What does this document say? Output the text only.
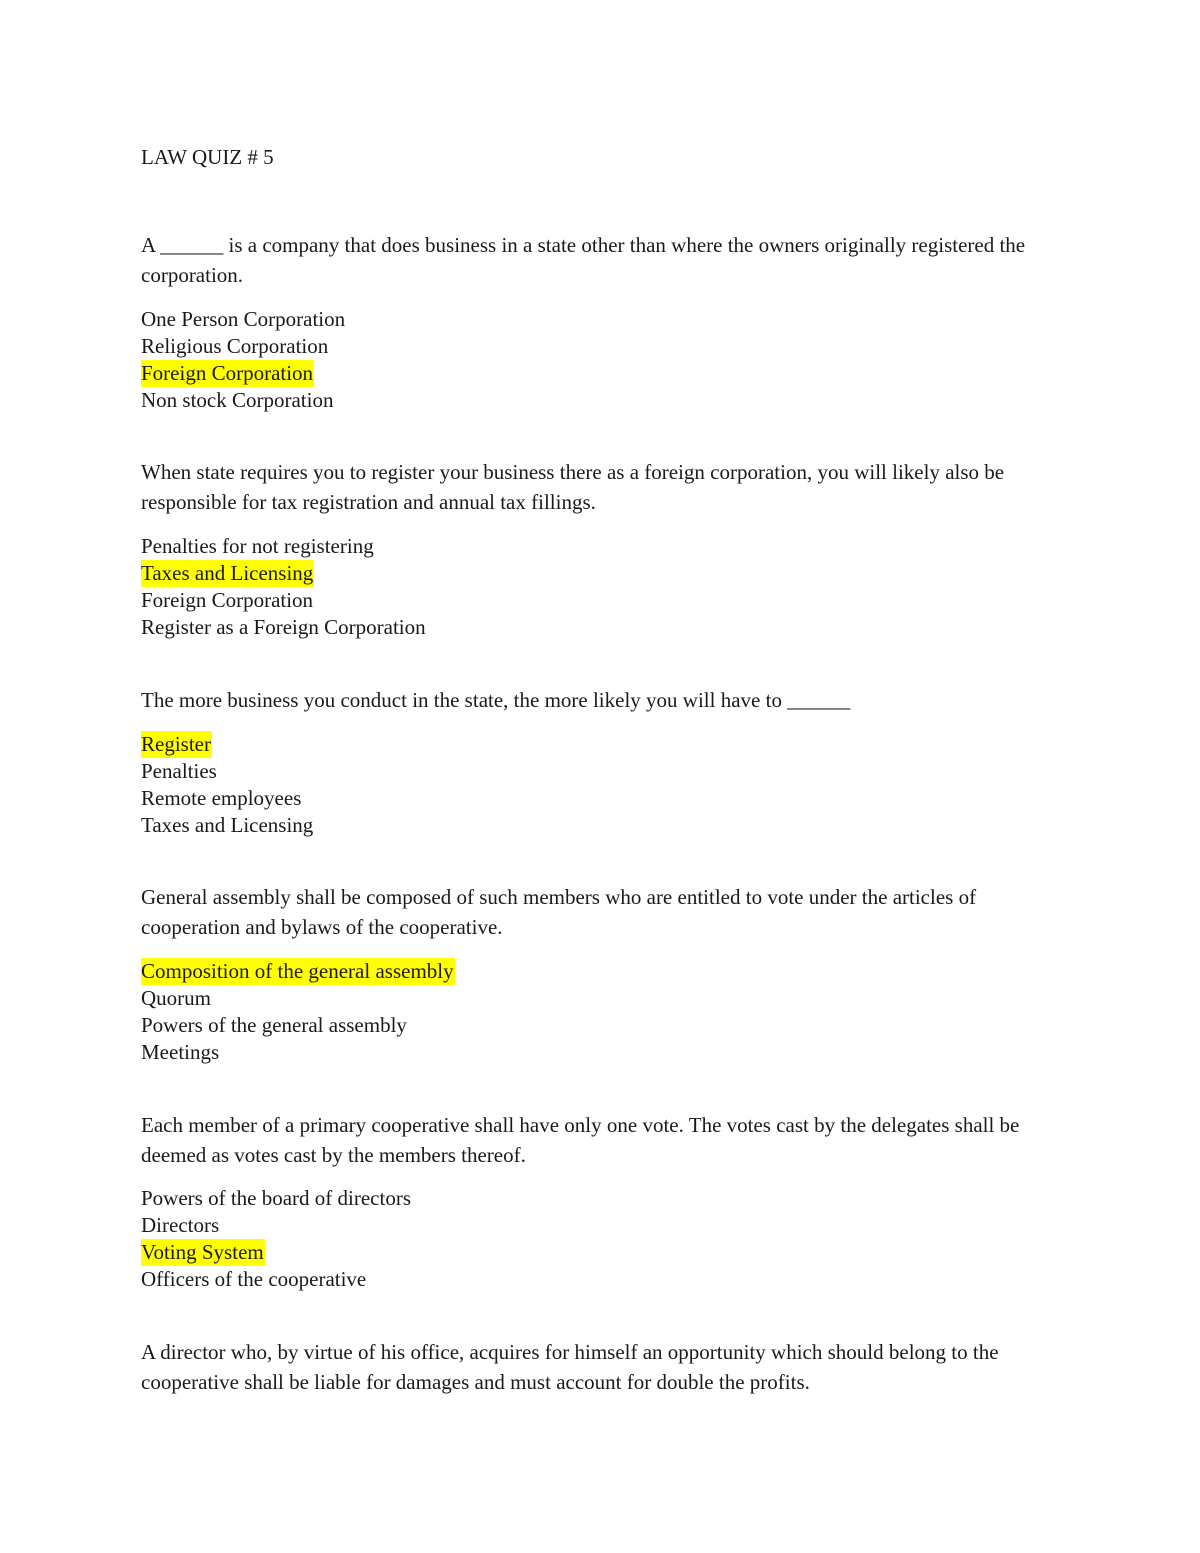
LAW QUIZ # 5
A ______ is a company that does business in a state other than where the owners originally registered the corporation.
One Person Corporation
Religious Corporation
Foreign Corporation
Non stock Corporation
When state requires you to register your business there as a foreign corporation, you will likely also be responsible for tax registration and annual tax fillings.
Penalties for not registering
Taxes and Licensing
Foreign Corporation
Register as a Foreign Corporation
The more business you conduct in the state, the more likely you will have to ______
Register
Penalties
Remote employees
Taxes and Licensing
General assembly shall be composed of such members who are entitled to vote under the articles of cooperation and bylaws of the cooperative.
Composition of the general assembly
Quorum
Powers of the general assembly
Meetings
Each member of a primary cooperative shall have only one vote. The votes cast by the delegates shall be deemed as votes cast by the members thereof.
Powers of the board of directors
Directors
Voting System
Officers of the cooperative
A director who, by virtue of his office, acquires for himself an opportunity which should belong to the cooperative shall be liable for damages and must account for double the profits.
